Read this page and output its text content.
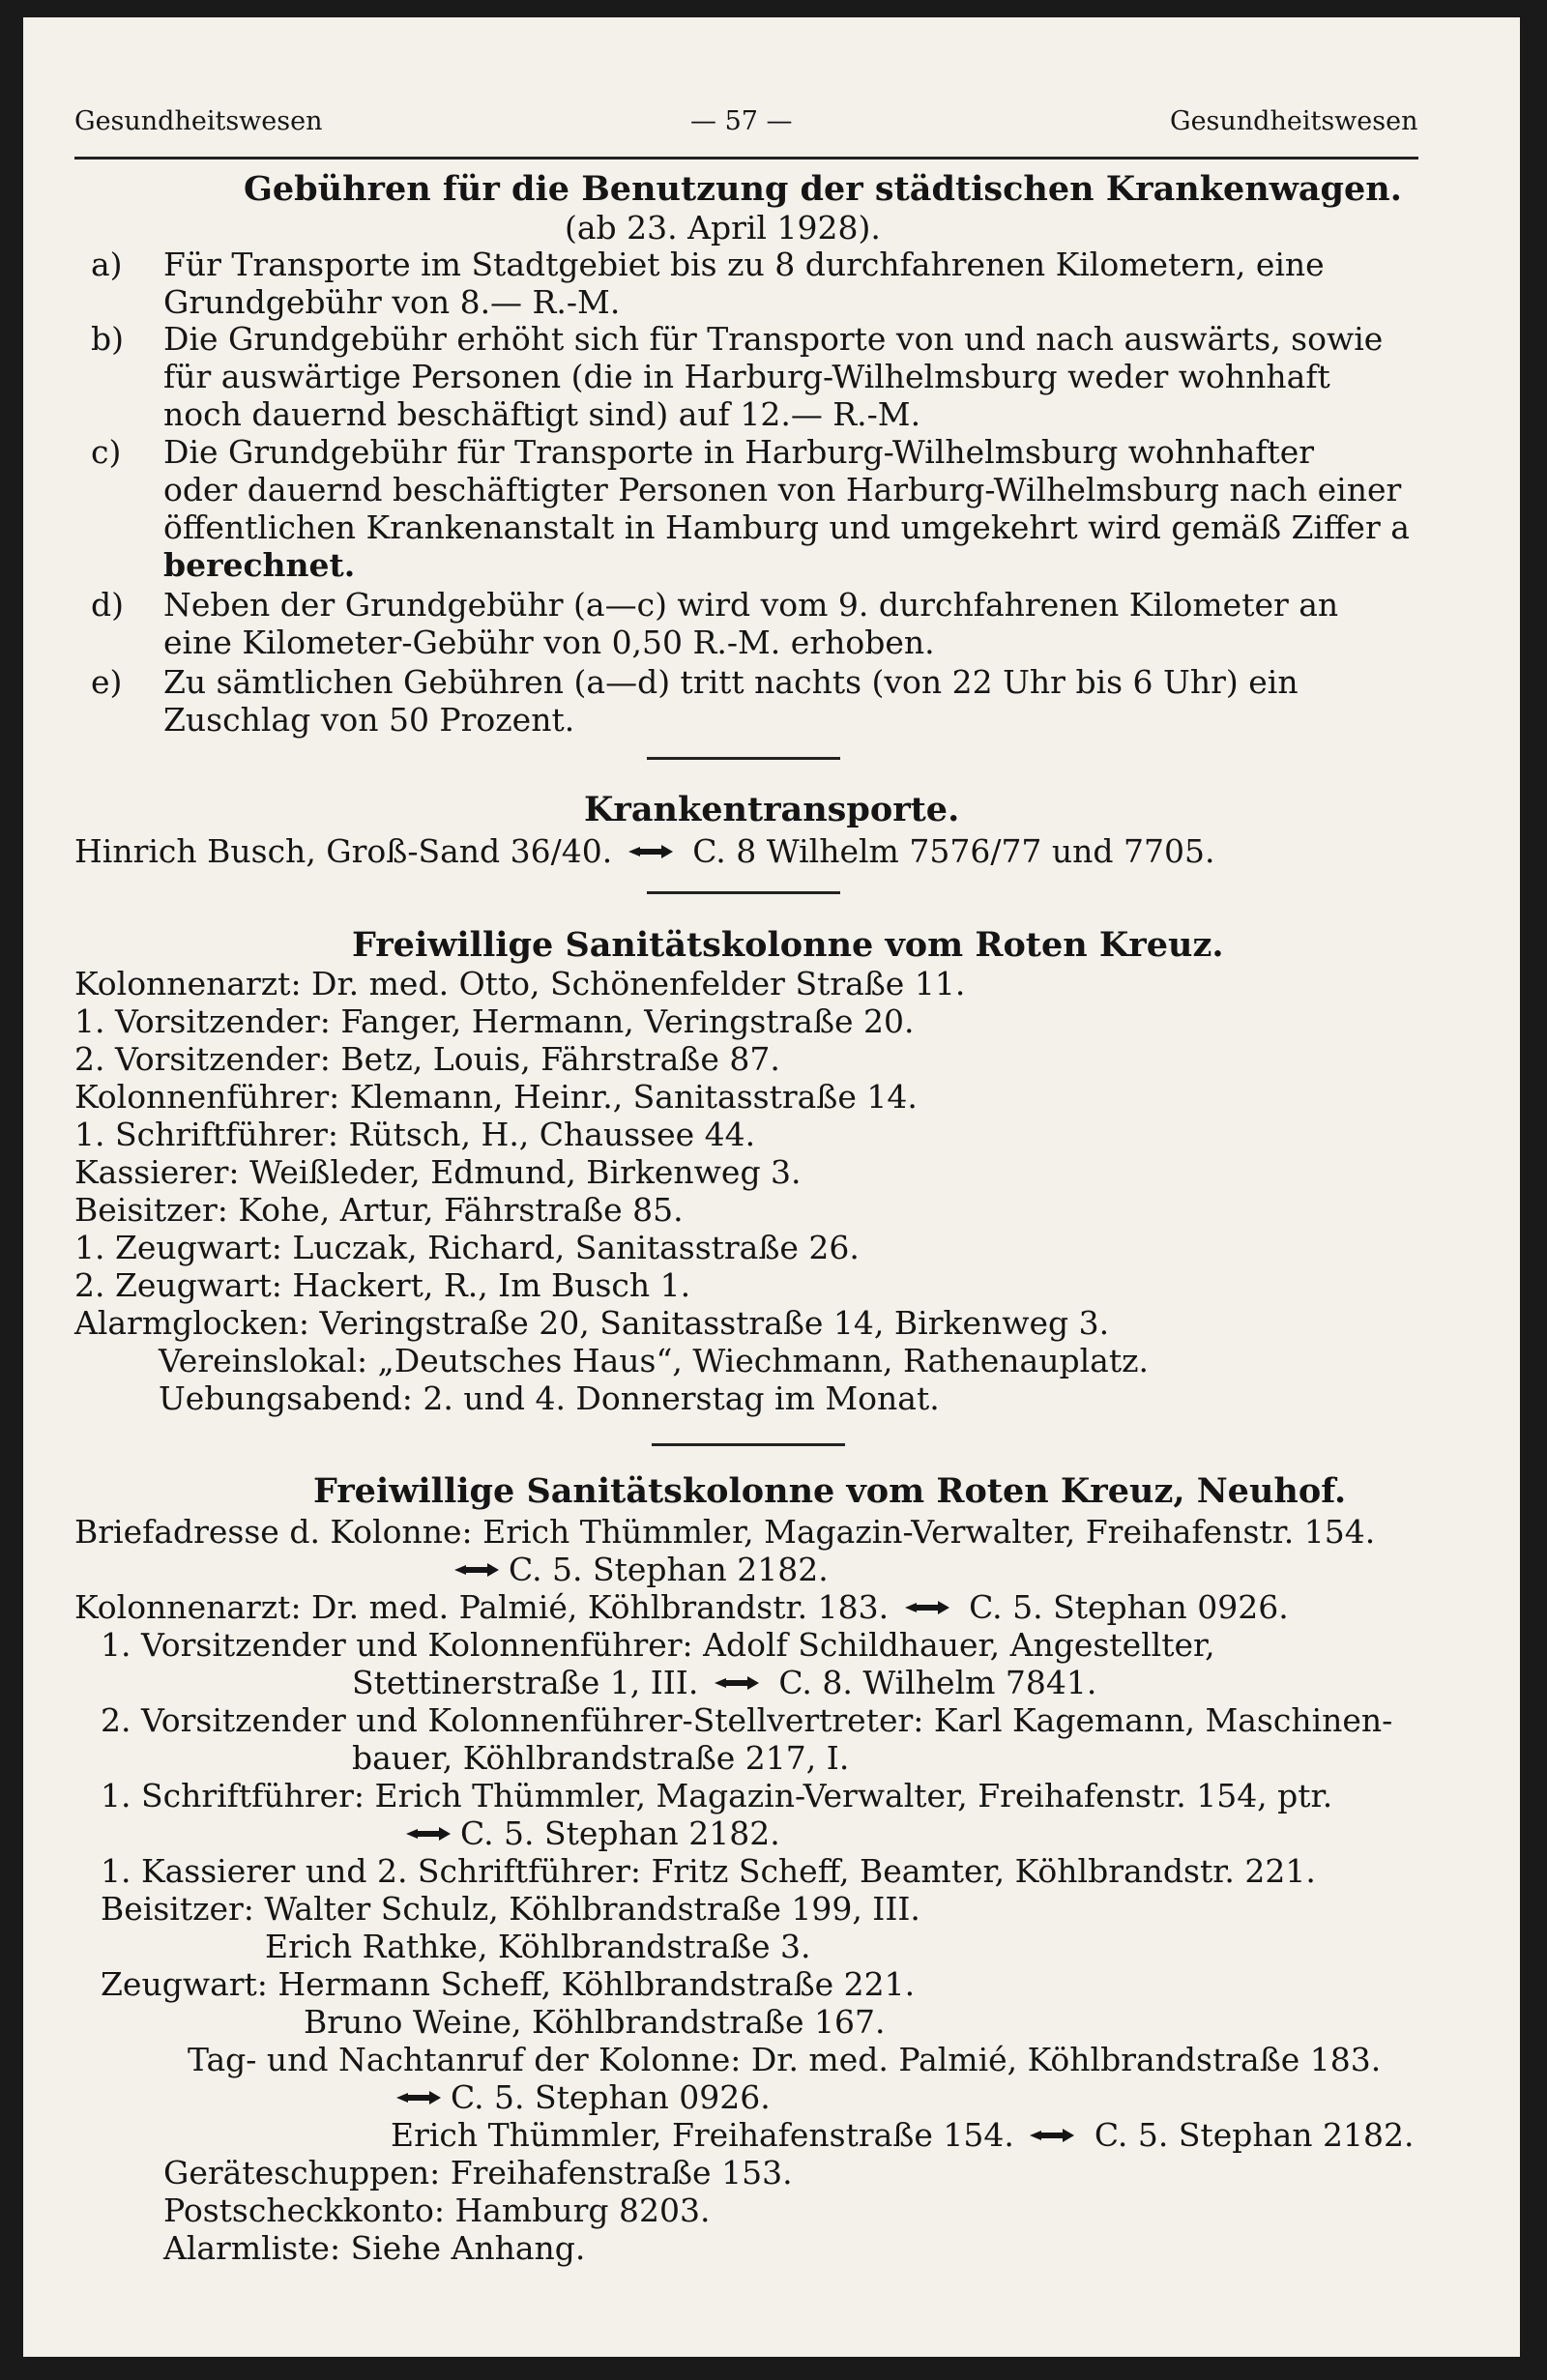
Gesundheitswesen	— 57 —	Gesundheitswesen
Gebühren für die Benutzung der städtischen Krankenwagen.
(ab 23. April 1928).
a) Für Transporte im Stadtgebiet bis zu 8 durchfahrenen Kilometern, eine
Grundgebühr von 8.— R.-M.
b) Die Grundgebühr erhöht sich für Transporte von und nach auswärts, sowie
für auswärtige Personen (die in Harburg-Wilhelmsburg weder wohnhaft
noch dauernd beschäftigt sind) auf 12.— R.-M.
c) Die Grundgebühr für Transporte in Harburg-Wilhelmsburg wohnhafter
oder dauernd beschäftigter Personen von Harburg-Wilhelmsburg nach einer
öffentlichen Krankenanstalt in Hamburg und umgekehrt wird gemäß Ziffer a
berechnet.
d) Neben der Grundgebühr (a—c) wird vom 9. durchfahrenen Kilometer an
eine Kilometer-Gebühr von 0,50 R.-M. erhoben.
e) Zu sämtlichen Gebühren (a—d) tritt nachts (von 22 Uhr bis 6 Uhr) ein
Zuschlag von 50 Prozent.
Krankentransporte.
Hinrich Busch, Groß-Sand 36/40.	C. 8 Wilhelm 7576/77 und 7705.
Freiwillige Sanitätskolonne vom Roten Kreuz.
Kolonnenarzt: Dr. med. Otto, Schönenfelder Straße 11.
1. Vorsitzender: Fanger, Hermann, Veringstraße 20.
2. Vorsitzender: Betz, Louis, Fährstraße 87.
Kolonnenführer: Klemann, Heinr., Sanitasstraße 14.
1. Schriftführer: Rütsch, H., Chaussee 44.
Kassierer: Weißleder, Edmund, Birkenweg 3.
Beisitzer: Kohe, Artur, Fährstraße 85.
1. Zeugwart: Luczak, Richard, Sanitasstraße 26.
2. Zeugwart: Hackert, R., Im Busch 1.
Alarmglocken: Veringstraße 20, Sanitasstraße 14, Birkenweg 3.
Vereinslokal: „Deutsches Haus“, Wiechmann, Rathenauplatz.
Uebungsabend: 2. und 4. Donnerstag im Monat.
Freiwillige Sanitätskolonne vom Roten Kreuz, Neuhof.
Briefadresse d. Kolonne: Erich Thümmler, Magazin-Verwalter, Freihafenstr. 154.
C. 5. Stephan 2182.
Kolonnenarzt: Dr. med. Palmié, Köhlbrandstr. 183.	C. 5. Stephan 0926.
1. Vorsitzender und Kolonnenführer: Adolf Schildhauer, Angestellter,
Stettinerstraße 1, III.	C. 8. Wilhelm 7841.
2. Vorsitzender und Kolonnenführer-Stellvertreter: Karl Kagemann, Maschinen-
bauer, Köhlbrandstraße 217, I.
1. Schriftführer: Erich Thümmler, Magazin-Verwalter, Freihafenstr. 154, ptr.
C. 5. Stephan 2182.
1. Kassierer und 2. Schriftführer: Fritz Scheff, Beamter, Köhlbrandstr. 221.
Beisitzer: Walter Schulz, Köhlbrandstraße 199, III.
Erich Rathke, Köhlbrandstraße 3.
Zeugwart: Hermann Scheff, Köhlbrandstraße 221.
Bruno Weine, Köhlbrandstraße 167.
Tag- und Nachtanruf der Kolonne: Dr. med. Palmié, Köhlbrandstraße 183.
C. 5. Stephan 0926.
Erich Thümmler, Freihafenstraße 154.	C. 5. Stephan 2182.
Geräteschuppen: Freihafenstraße 153.
Postscheckkonto: Hamburg 8203.
Alarmliste: Siehe Anhang.
